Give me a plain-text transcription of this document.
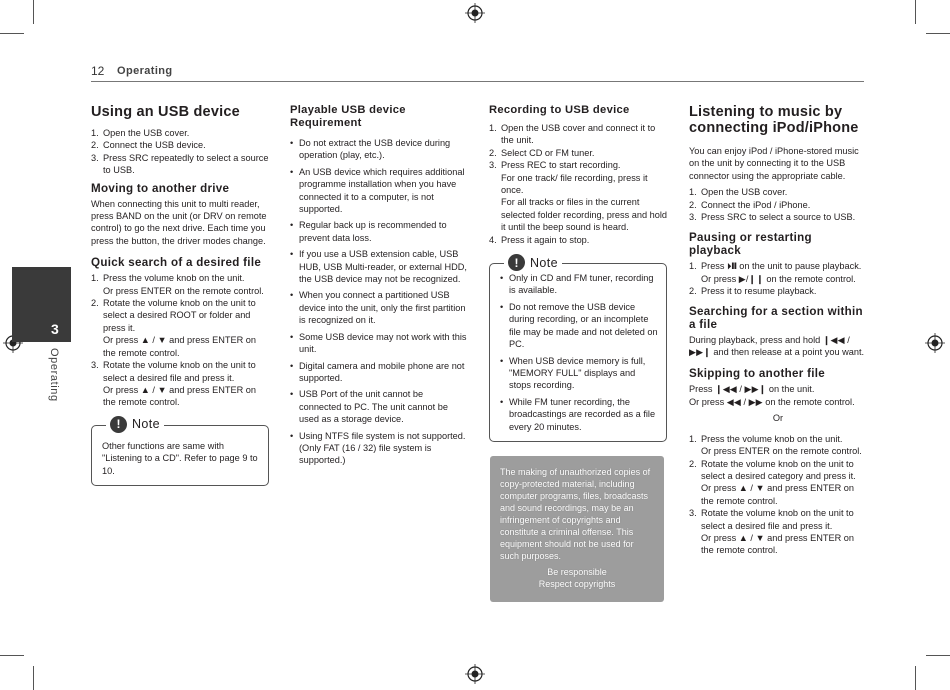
12 Operating
3
Operating
Using an USB device
1. Open the USB cover.
2. Connect the USB device.
3. Press SRC repeatedly to select a source to USB.
Moving to another drive

When connecting this unit to multi reader, press BAND on the unit (or DRV on remote control) to go the next drive. Each time you press the button, the driver modes change.

Quick search of a desired file
1. Press the volume knob on the unit.
Or press ENTER on the remote control.
2. Rotate the volume knob on the unit to select a desired ROOT or folder and press it.
Or press ▲ / ▼ and press ENTER on the remote control.
3. Rotate the volume knob on the unit to select a desired file and press it.
Or press ▲ / ▼ and press ENTER on the remote control.
! Note

Other functions are same with "Listening to a CD". Refer to page 9 to 10.

Playable USB device Requirement
• Do not extract the USB device during operation (play, etc.).
• An USB device which requires additional programme installation when you have connected it to a computer, is not supported.
• Regular back up is recommended to prevent data loss.
• If you use a USB extension cable, USB HUB, USB Multi-reader, or external HDD, the USB device may not be recognized.
• When you connect a partitioned USB device into the unit, only the first partition is recognized on it.
• Some USB device may not work with this unit.
• Digital camera and mobile phone are not supported.
• USB Port of the unit cannot be connected to PC. The unit cannot be used as a storage device.
• Using NTFS file system is not supported. (Only FAT (16 / 32) file system is supported.)
Recording to USB device
1. Open the USB cover and connect it to the unit.
2. Select CD or FM tuner.
3. Press REC to start recording.
For one track/ file recording, press it once.
For all tracks or files in the current selected folder recording, press and hold it until the beep sound is heard.
4. Press it again to stop.
! Note
• Only in CD and FM tuner, recording is available.
• Do not remove the USB device during recording, or an incomplete file may be made and not deleted on PC.
• When USB device memory is full, "MEMORY FULL" displays and stops recording.
• While FM tuner recording, the broadcastings are recorded as a file every 20 minutes.

The making of unauthorized copies of copy-protected material, including computer programs, files, broadcasts and sound recordings, may be an infringement of copyrights and constitute a criminal offense. This equipment should not be used for such purposes.

Be responsible

Respect copyrights

Listening to music by connecting iPod/iPhone

You can enjoy iPod / iPhone-stored music on the unit by connecting it to the USB connector using the appropriate cable.

1. Open the USB cover.
2. Connect the iPod / iPhone.
3. Press SRC to select a source to USB.
Pausing or restarting playback
1. Press ⏵❙❙ on the unit to pause playback.
Or press ▶/❙❙ on the remote control.
2. Press it to resume playback.
Searching for a section within a file

During playback, press and hold ❙◀◀ / ▶▶❙ and then release at a point you want.

Skipping to another file

Press ❙◀◀ / ▶▶❙ on the unit.

Or press ◀◀ / ▶▶ on the remote control.

Or

1. Press the volume knob on the unit.
Or press ENTER on the remote control.
2. Rotate the volume knob on the unit to select a desired category and press it.
Or press ▲ / ▼ and press ENTER on the remote control.
3. Rotate the volume knob on the unit to select a desired file and press it.
Or press ▲ / ▼ and press ENTER on the remote control.
